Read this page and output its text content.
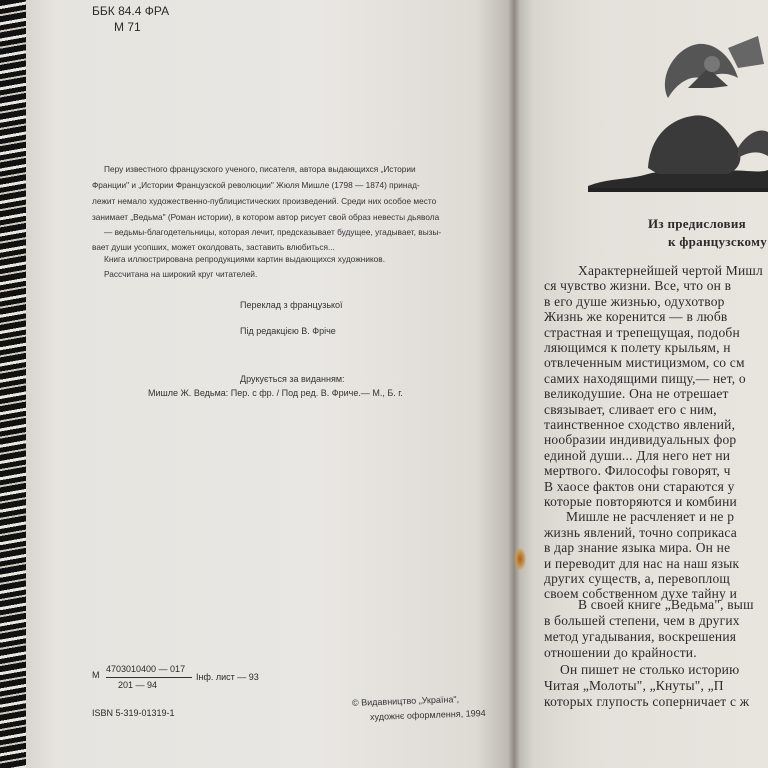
ББК 84.4 ФРА
М 71
Перу известного французского ученого, писателя, автора выдающихся „Истории
Франции" и „Истории Французской революции" Жюля Мишле (1798 — 1874) принад-
лежит немало художественно-публицистических произведений. Среди них особое место
занимает „Ведьма" (Роман истории), в котором автор рисует свой образ невесты дьявола
— ведьмы-благодетельницы, которая лечит, предсказывает будущее, угадывает, вызы-
вает души усопших, может околдовать, заставить влюбиться...
Книга иллюстрирована репродукциями картин выдающихся художников.
Рассчитана на широкий круг читателей.
Переклад з французької
Під редакцією В. Фріче
Друкується за виданням:
Мишле Ж. Ведьма: Пер. с фр. / Под ред. В. Фриче.— М., Б. г.
М
4703010400 — 017
201 — 94
Інф. лист — 93
ISBN 5-319-01319-1
© Видавництво „Україна",
художнє оформлення, 1994
Из предисловия
к французскому
Характернейшей чертой Мишл
ся чувство жизни. Все, что он в
в его душе жизнью, одухотвор
Жизнь же коренится — в любв
страстная и трепещущая, подобн
ляющимся к полету крыльям, н
отвлеченным мистицизмом, со см
самих находящими пищу,— нет, о
великодушие. Она не отрешает
связывает, сливает его с ним,
таинственное сходство явлений,
нообразии индивидуальных фор
единой души... Для него нет ни
мертвого. Философы говорят, ч
В хаосе фактов они стараются у
которые повторяются и комбини
Мишле не расчленяет и не р
жизнь явлений, точно соприкаса
в дар знание языка мира. Он не
и переводит для нас на наш язык
других существ, а, перевоплощ
своем собственном духе тайну и
В своей книге „Ведьма", выш
в большей степени, чем в других
метод угадывания, воскрешения
отношении до крайности.
Он пишет не столько историю
Читая „Молоты", „Кнуты", „П
которых глупость соперничает с ж
